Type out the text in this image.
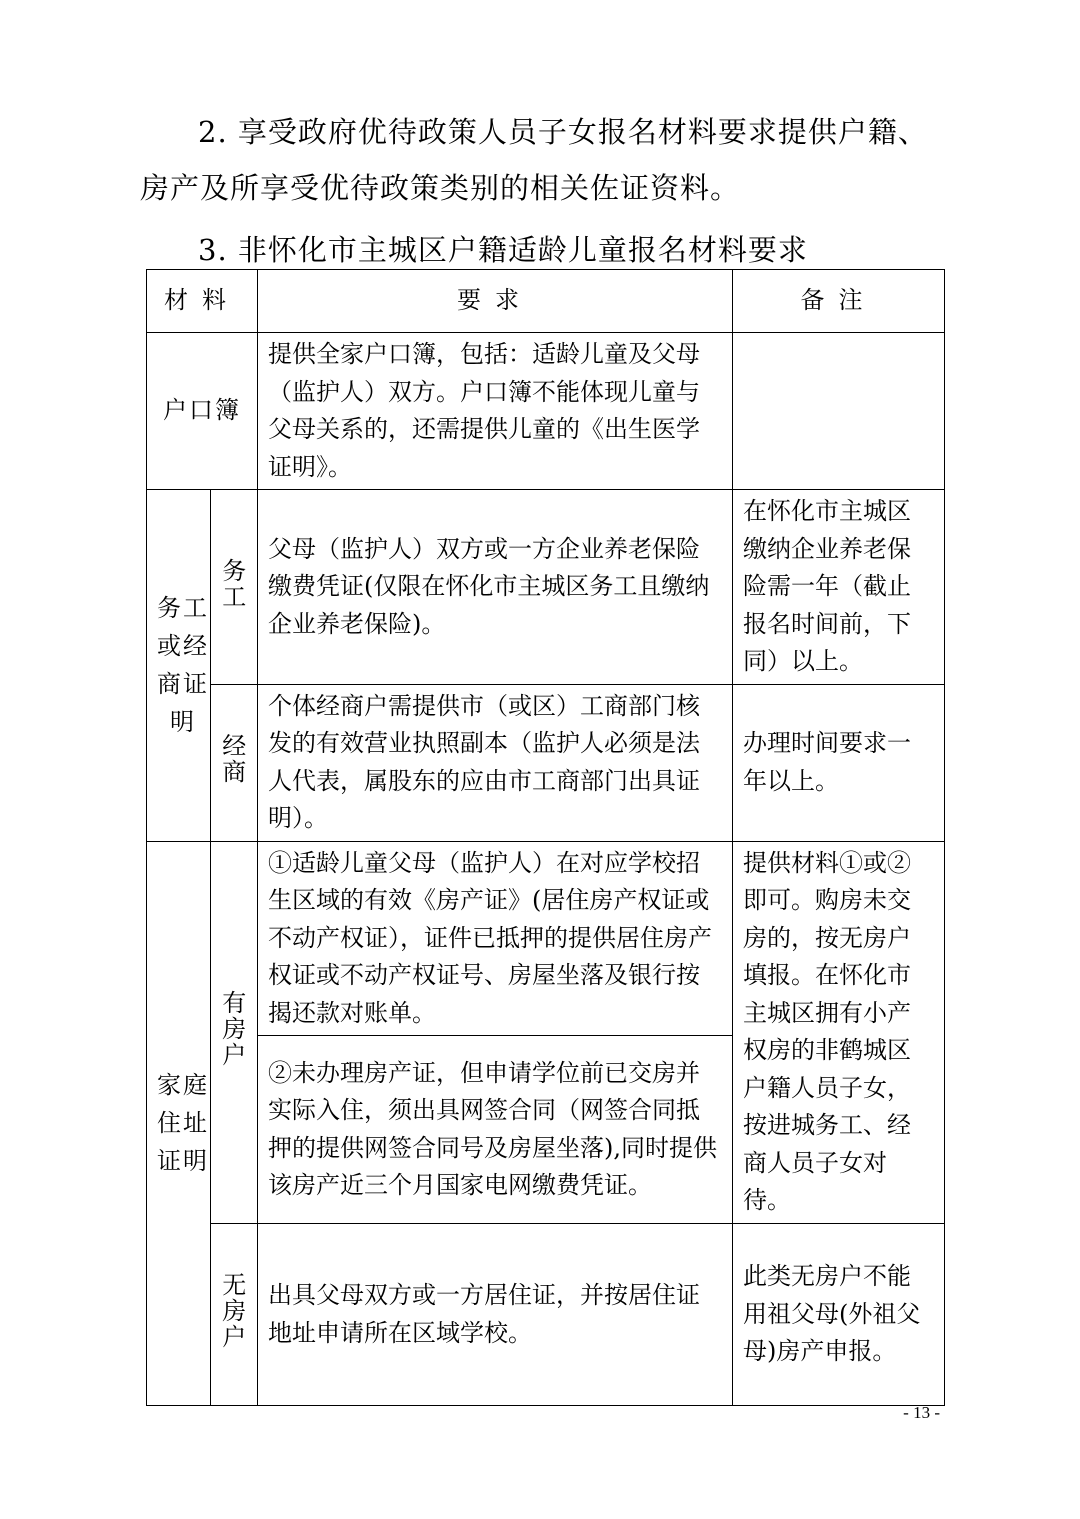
2. 享受政府优待政策人员子女报名材料要求提供户籍、房产及所享受优待政策类别的相关佐证资料。

3. 非怀化市主城区户籍适龄儿童报名材料要求

材料		要求	备注
户口簿		提供全家户口簿，包括：适龄儿童及父母（监护人）双方。户口簿不能体现儿童与父母关系的，还需提供儿童的《出生医学证明》。	
务工或经商证明	务工	父母（监护人）双方或一方企业养老保险缴费凭证(仅限在怀化市主城区务工且缴纳企业养老保险)。	在怀化市主城区缴纳企业养老保险需一年（截止报名时间前，下同）以上。
	经商	个体经商户需提供市（或区）工商部门核发的有效营业执照副本（监护人必须是法人代表，属股东的应由市工商部门出具证明）。	办理时间要求一年以上。
家庭住址证明	有房户	①适龄儿童父母（监护人）在对应学校招生区域的有效《房产证》(居住房产权证或不动产权证），证件已抵押的提供居住房产权证或不动产权证号、房屋坐落及银行按揭还款对账单。	提供材料①或②即可。购房未交房的，按无房户填报。在怀化市主城区拥有小产权房的非鹤城区户籍人员子女，按进城务工、经商人员子女对待。
		②未办理房产证，但申请学位前已交房并实际入住，须出具网签合同（网签合同抵押的提供网签合同号及房屋坐落),同时提供该房产近三个月国家电网缴费凭证。	
	无房户	出具父母双方或一方居住证，并按居住证地址申请所在区域学校。	此类无房户不能用祖父母(外祖父母)房产申报。
- 13 -
